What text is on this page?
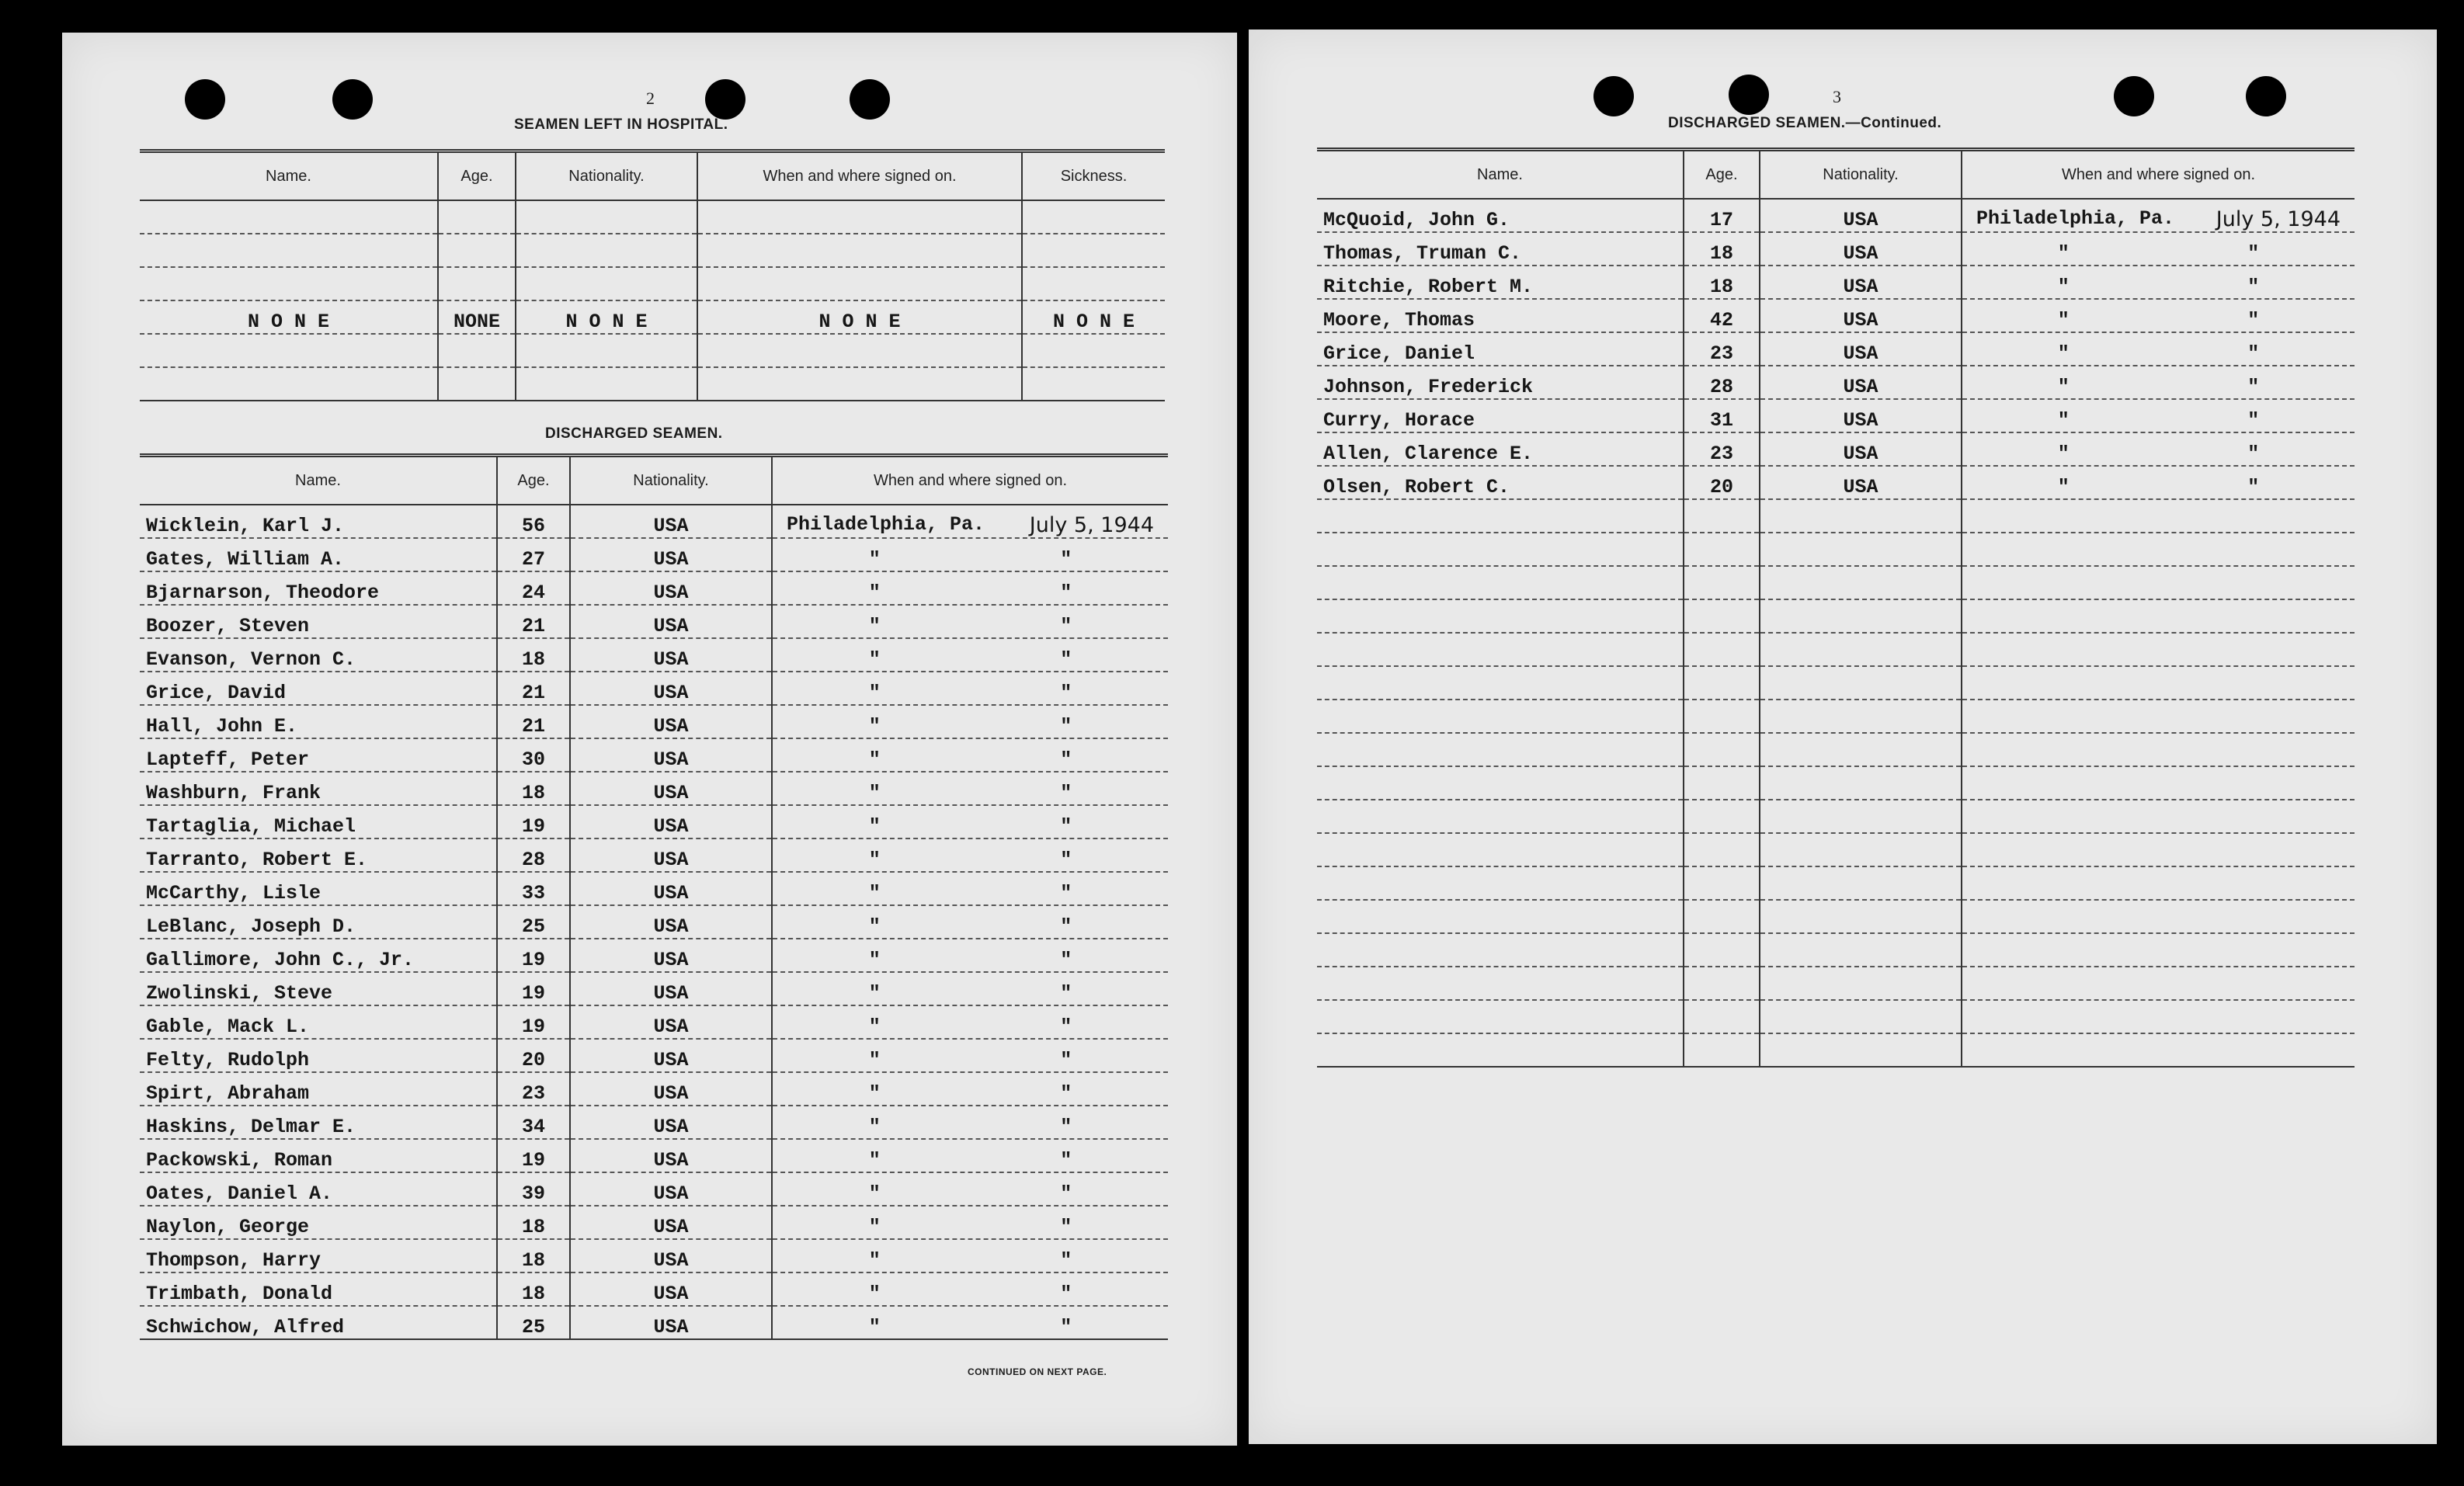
2
SEAMEN LEFT IN HOSPITAL.
Name.	Age.	Nationality.	When and where signed on.	Sickness.

N O N E	NONE	N O N E	N O N E	N O N E

DISCHARGED SEAMEN.
Name.	Age.	Nationality.	When and where signed on.
Wicklein, Karl J.	56	USA	Philadelphia, Pa. July 5, 1944

Gates, William A.	27	USA	" "

Bjarnarson, Theodore	24	USA	" "

Boozer, Steven	21	USA	" "

Evanson, Vernon C.	18	USA	" "

Grice, David	21	USA	" "

Hall, John E.	21	USA	" "

Lapteff, Peter	30	USA	" "

Washburn, Frank	18	USA	" "

Tartaglia, Michael	19	USA	" "

Tarranto, Robert E.	28	USA	" "

McCarthy, Lisle	33	USA	" "

LeBlanc, Joseph D.	25	USA	" "

Gallimore, John C., Jr.	19	USA	" "

Zwolinski, Steve	19	USA	" "

Gable, Mack L.	19	USA	" "

Felty, Rudolph	20	USA	" "

Spirt, Abraham	23	USA	" "

Haskins, Delmar E.	34	USA	" "

Packowski, Roman	19	USA	" "

Oates, Daniel A.	39	USA	" "

Naylon, George	18	USA	" "

Thompson, Harry	18	USA	" "

Trimbath, Donald	18	USA	" "

Schwichow, Alfred	25	USA	" "
CONTINUED ON NEXT PAGE.
3
DISCHARGED SEAMEN.—Continued.
Name.	Age.	Nationality.	When and where signed on.
McQuoid, John G.	17	USA	Philadelphia, Pa. July 5, 1944

Thomas, Truman C.	18	USA	" "

Ritchie, Robert M.	18	USA	" "

Moore, Thomas	42	USA	" "

Grice, Daniel	23	USA	" "

Johnson, Frederick	28	USA	" "

Curry, Horace	31	USA	" "

Allen, Clarence E.	23	USA	" "

Olsen, Robert C.	20	USA	" "
